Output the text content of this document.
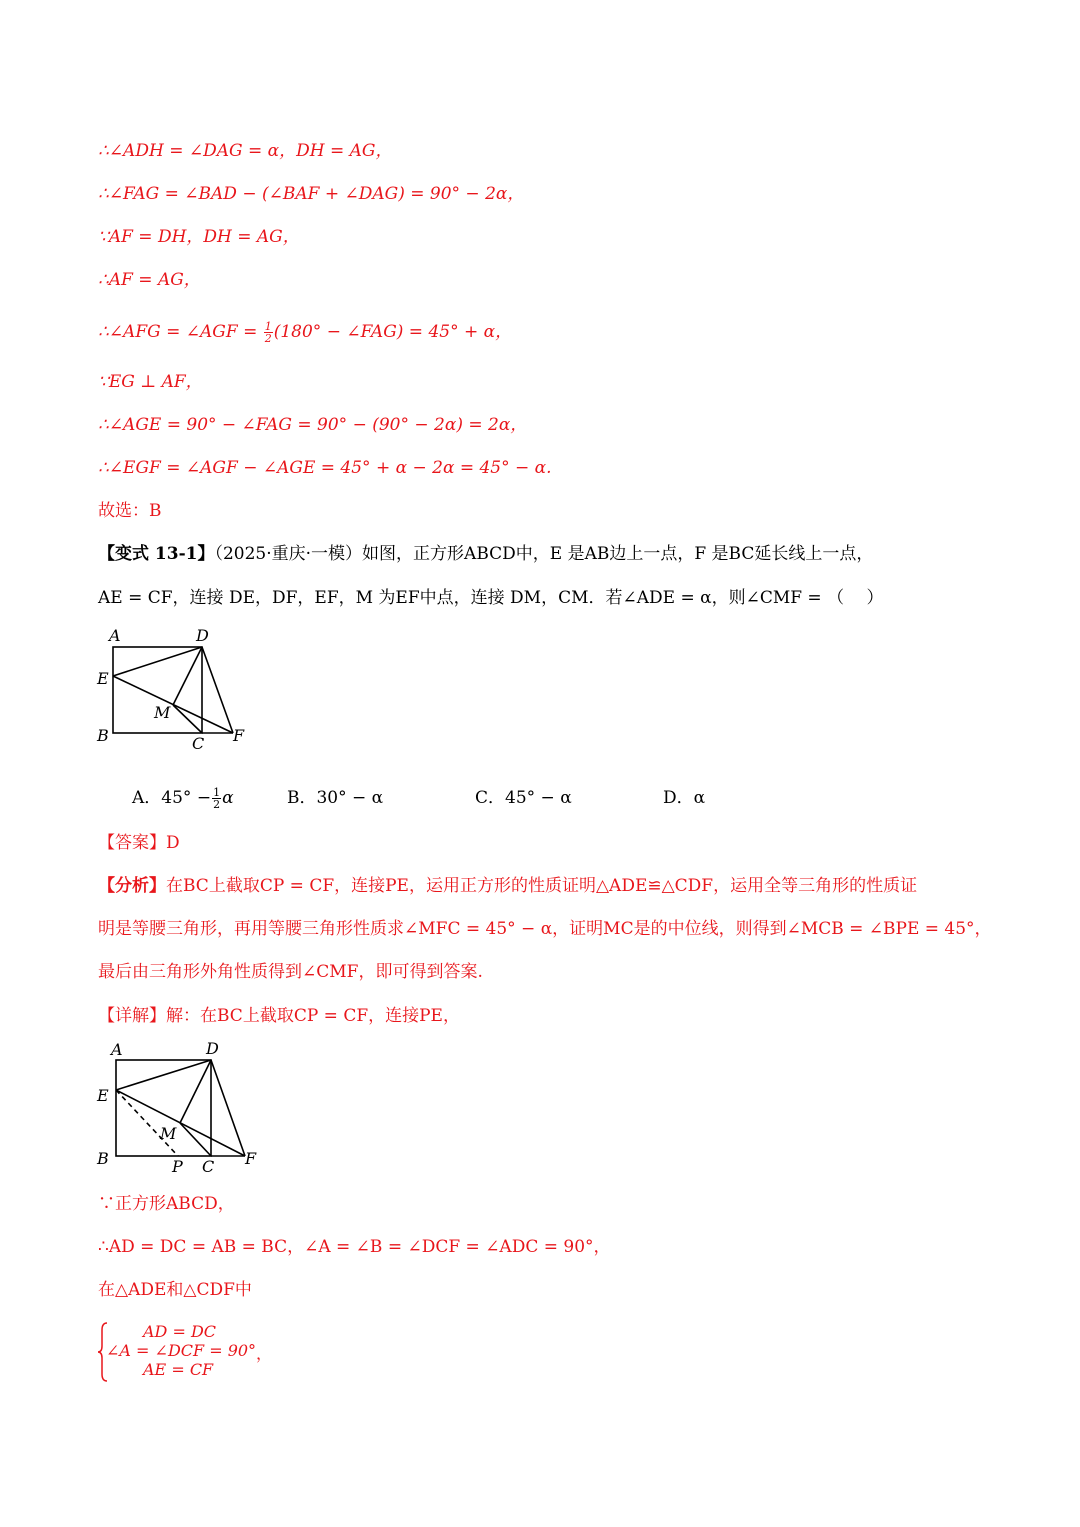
∴∠ADH = ∠DAG = α，DH = AG，
∴∠FAG = ∠BAD − (∠BAF + ∠DAG) = 90° − 2α，
∵AF = DH，DH = AG，
∴AF = AG，
∴∠AFG = ∠AGF = $\frac{1}{2} (180^\circ$ − ∠FAG) = 45° + α，
∵EG ⊥ AF，
∴∠AGE = 90° − ∠FAG = 90° − (90° − 2α) = 2α，
∴∠EGF = ∠AGF − ∠AGE = 45° + α − 2α = 45° − α.
故选：B
【变式 13-1】（2025·重庆·一模）如图，正方形ABCD中，E 是AB边上一点，F 是BC延长线上一点，
AE = CF，连接 DE，DF，EF，M 为EF中点，连接 DM，CM．若∠ADE = α，则∠CMF = （　 ）
A	D
E
M
B	C F
A．$45^\circ - \frac{1}{2}$ α	B．30° − α	C．45° − α	D．α
【答案】D
【分析】在BC上截取CP = CF，连接PE，运用正方形的性质证明△ADE≌△CDF，运用全等三角形的性质证
明是等腰三角形，再用等腰三角形性质求∠MFC = 45° − α，证明MC是的中位线，则得到∠MCB = ∠BPE = 45°，
最后由三角形外角性质得到∠CMF，即可得到答案.
【详解】解：在BC上截取CP = CF，连接PE，
A	D
E
M
B	P C F
∵正方形ABCD，
∴AD = DC = AB = BC，∠A = ∠B = ∠DCF = ∠ADC = 90°，
在△ADE和△CDF中
AD = DC
∠A = ∠DCF = 90°
AE = CF
，
